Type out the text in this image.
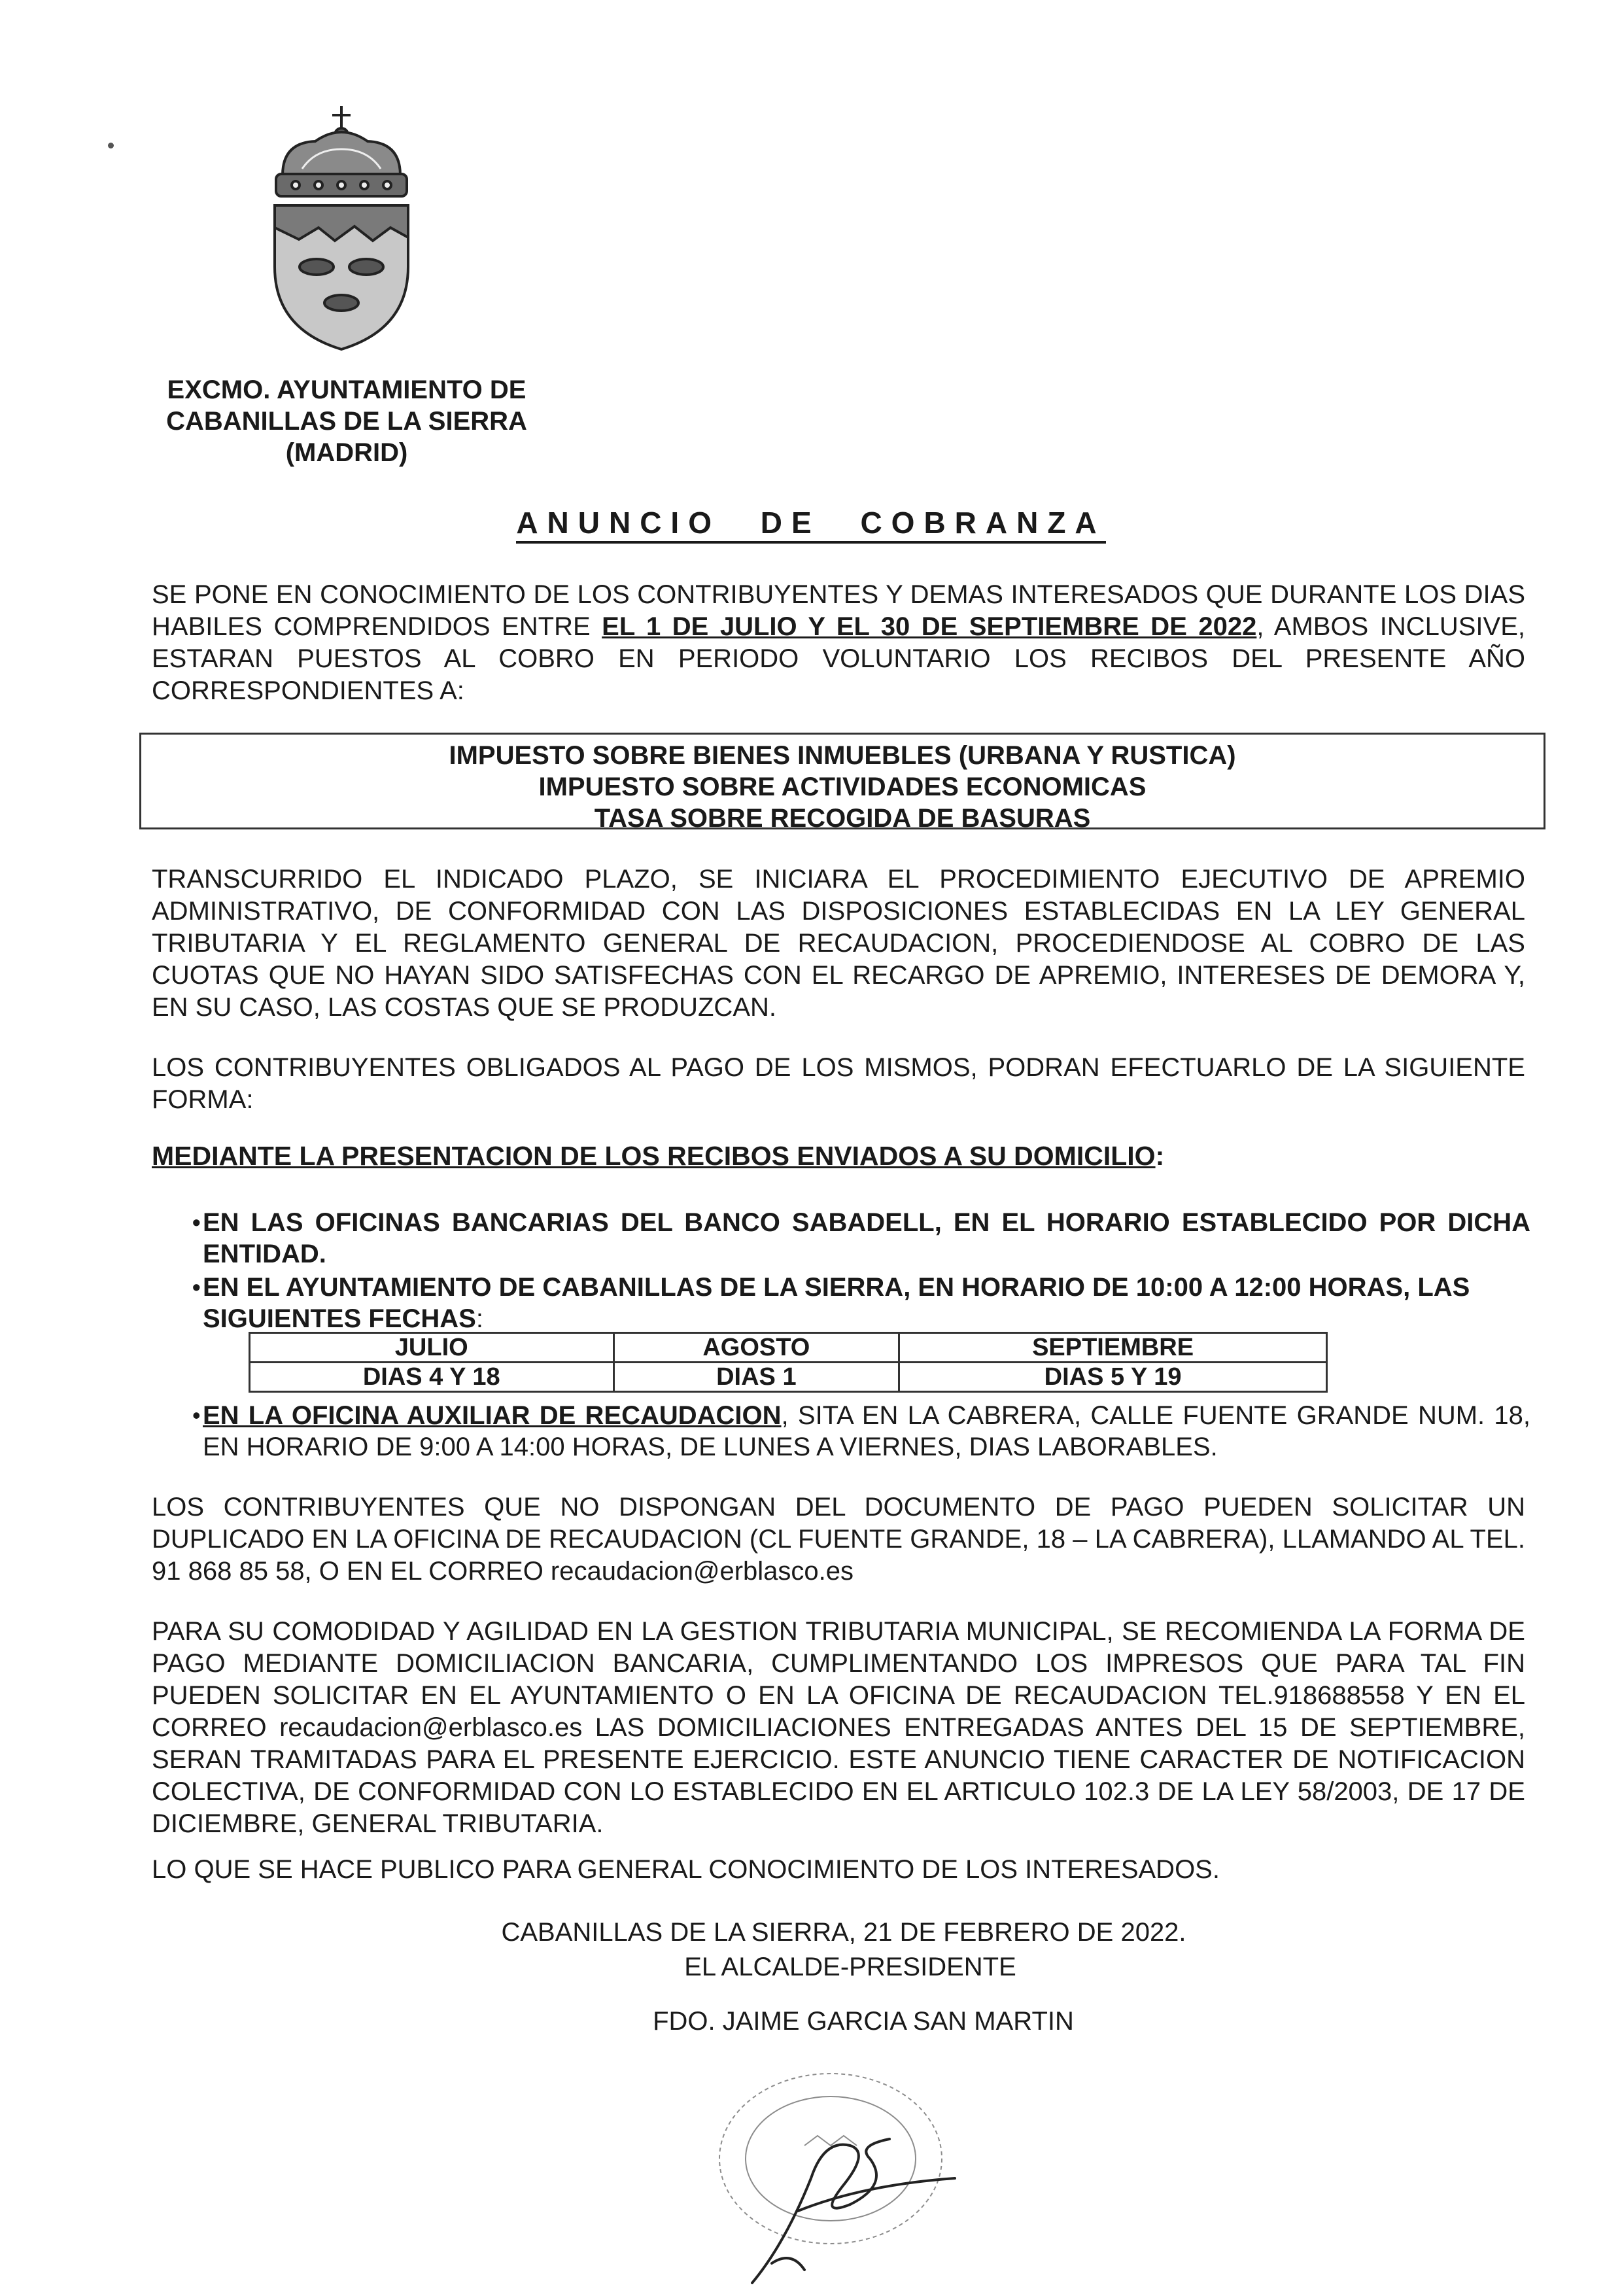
EXCMO. AYUNTAMIENTO DE
CABANILLAS DE LA SIERRA
(MADRID)
ANUNCIO DE COBRANZA
SE PONE EN CONOCIMIENTO DE LOS CONTRIBUYENTES Y DEMAS INTERESADOS QUE DURANTE LOS DIAS HABILES COMPRENDIDOS ENTRE EL 1 DE JULIO Y EL 30 DE SEPTIEMBRE DE 2022, AMBOS INCLUSIVE, ESTARAN PUESTOS AL COBRO EN PERIODO VOLUNTARIO LOS RECIBOS DEL PRESENTE AÑO CORRESPONDIENTES A:
IMPUESTO SOBRE BIENES INMUEBLES (URBANA Y RUSTICA)
IMPUESTO SOBRE ACTIVIDADES ECONOMICAS
TASA SOBRE RECOGIDA DE BASURAS
TRANSCURRIDO EL INDICADO PLAZO, SE INICIARA EL PROCEDIMIENTO EJECUTIVO DE APREMIO ADMINISTRATIVO, DE CONFORMIDAD CON LAS DISPOSICIONES ESTABLECIDAS EN LA LEY GENERAL TRIBUTARIA Y EL REGLAMENTO GENERAL DE RECAUDACION, PROCEDIENDOSE AL COBRO DE LAS CUOTAS QUE NO HAYAN SIDO SATISFECHAS CON EL RECARGO DE APREMIO, INTERESES DE DEMORA Y, EN SU CASO, LAS COSTAS QUE SE PRODUZCAN.
LOS CONTRIBUYENTES OBLIGADOS AL PAGO DE LOS MISMOS, PODRAN EFECTUARLO DE LA SIGUIENTE FORMA:
MEDIANTE LA PRESENTACION DE LOS RECIBOS ENVIADOS A SU DOMICILIO:
• EN LAS OFICINAS BANCARIAS DEL BANCO SABADELL, EN EL HORARIO ESTABLECIDO POR DICHA ENTIDAD.
• EN EL AYUNTAMIENTO DE CABANILLAS DE LA SIERRA, EN HORARIO DE 10:00 A 12:00 HORAS, LAS SIGUIENTES FECHAS:
JULIO	AGOSTO	SEPTIEMBRE
DIAS 4 Y 18	DIAS 1	DIAS 5 Y 19
• EN LA OFICINA AUXILIAR DE RECAUDACION, SITA EN LA CABRERA, CALLE FUENTE GRANDE NUM. 18, EN HORARIO DE 9:00 A 14:00 HORAS, DE LUNES A VIERNES, DIAS LABORABLES.
LOS CONTRIBUYENTES QUE NO DISPONGAN DEL DOCUMENTO DE PAGO PUEDEN SOLICITAR UN DUPLICADO EN LA OFICINA DE RECAUDACION (CL FUENTE GRANDE, 18 – LA CABRERA), LLAMANDO AL TEL. 91 868 85 58, O EN EL CORREO recaudacion@erblasco.es
PARA SU COMODIDAD Y AGILIDAD EN LA GESTION TRIBUTARIA MUNICIPAL, SE RECOMIENDA LA FORMA DE PAGO MEDIANTE DOMICILIACION BANCARIA, CUMPLIMENTANDO LOS IMPRESOS QUE PARA TAL FIN PUEDEN SOLICITAR EN EL AYUNTAMIENTO O EN LA OFICINA DE RECAUDACION TEL.918688558 Y EN EL CORREO recaudacion@erblasco.es LAS DOMICILIACIONES ENTREGADAS ANTES DEL 15 DE SEPTIEMBRE, SERAN TRAMITADAS PARA EL PRESENTE EJERCICIO. ESTE ANUNCIO TIENE CARACTER DE NOTIFICACION COLECTIVA, DE CONFORMIDAD CON LO ESTABLECIDO EN EL ARTICULO 102.3 DE LA LEY 58/2003, DE 17 DE DICIEMBRE, GENERAL TRIBUTARIA.
LO QUE SE HACE PUBLICO PARA GENERAL CONOCIMIENTO DE LOS INTERESADOS.
CABANILLAS DE LA SIERRA, 21 DE FEBRERO DE 2022.
EL ALCALDE-PRESIDENTE
FDO. JAIME GARCIA SAN MARTIN
